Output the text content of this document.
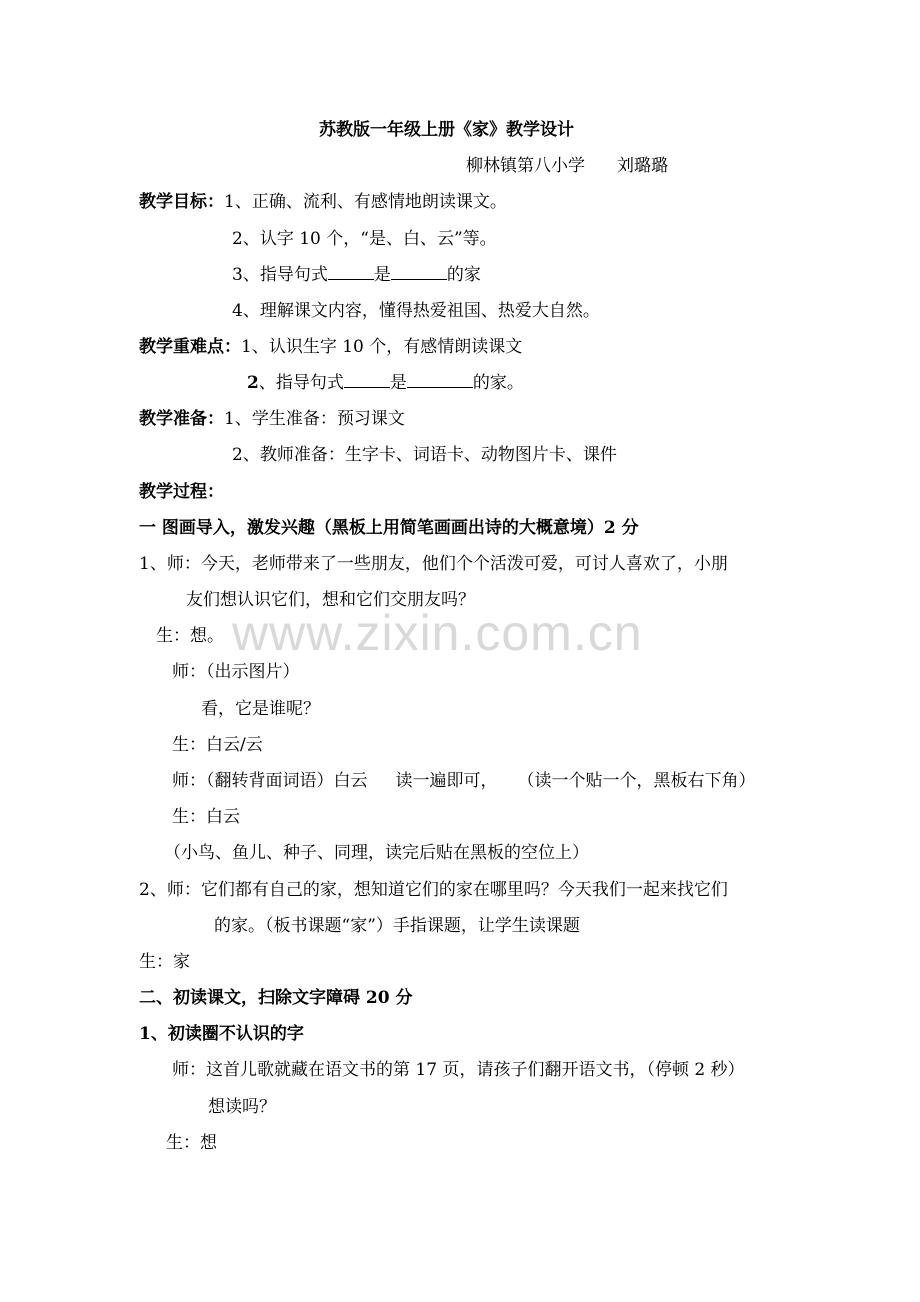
www.zixin.com.cn
苏教版一年级上册《家》教学设计
柳林镇第八小学 刘璐璐
教学目标：1、正确、流利、有感情地朗读课文。
2、认字 10 个，“是、白、云”等。
3、指导句式	是	的家
4、理解课文内容，懂得热爱祖国、热爱大自然。
教学重难点：1、认识生字 10 个，有感情朗读课文
2、指导句式	是	的家。
教学准备：1、学生准备：预习课文
2、教师准备：生字卡、词语卡、动物图片卡、课件
教学过程：
一 图画导入，激发兴趣（黑板上用简笔画画出诗的大概意境）2 分
1、师：今天，老师带来了一些朋友，他们个个活泼可爱，可讨人喜欢了，小朋
友们想认识它们，想和它们交朋友吗？
生：想。
师：（出示图片）
看，它是谁呢？
生：白云/云
师：（翻转背面词语）白云 读一遍即可， （读一个贴一个，黑板右下角）
生：白云
（小鸟、鱼儿、种子、同理，读完后贴在黑板的空位上）
2、师：它们都有自己的家，想知道它们的家在哪里吗？今天我们一起来找它们
的家。（板书课题“家”）手指课题，让学生读课题
生：家
二、初读课文，扫除文字障碍 20 分
1、初读圈不认识的字
师：这首儿歌就藏在语文书的第 17 页，请孩子们翻开语文书，（停顿 2 秒）
想读吗？
生：想
